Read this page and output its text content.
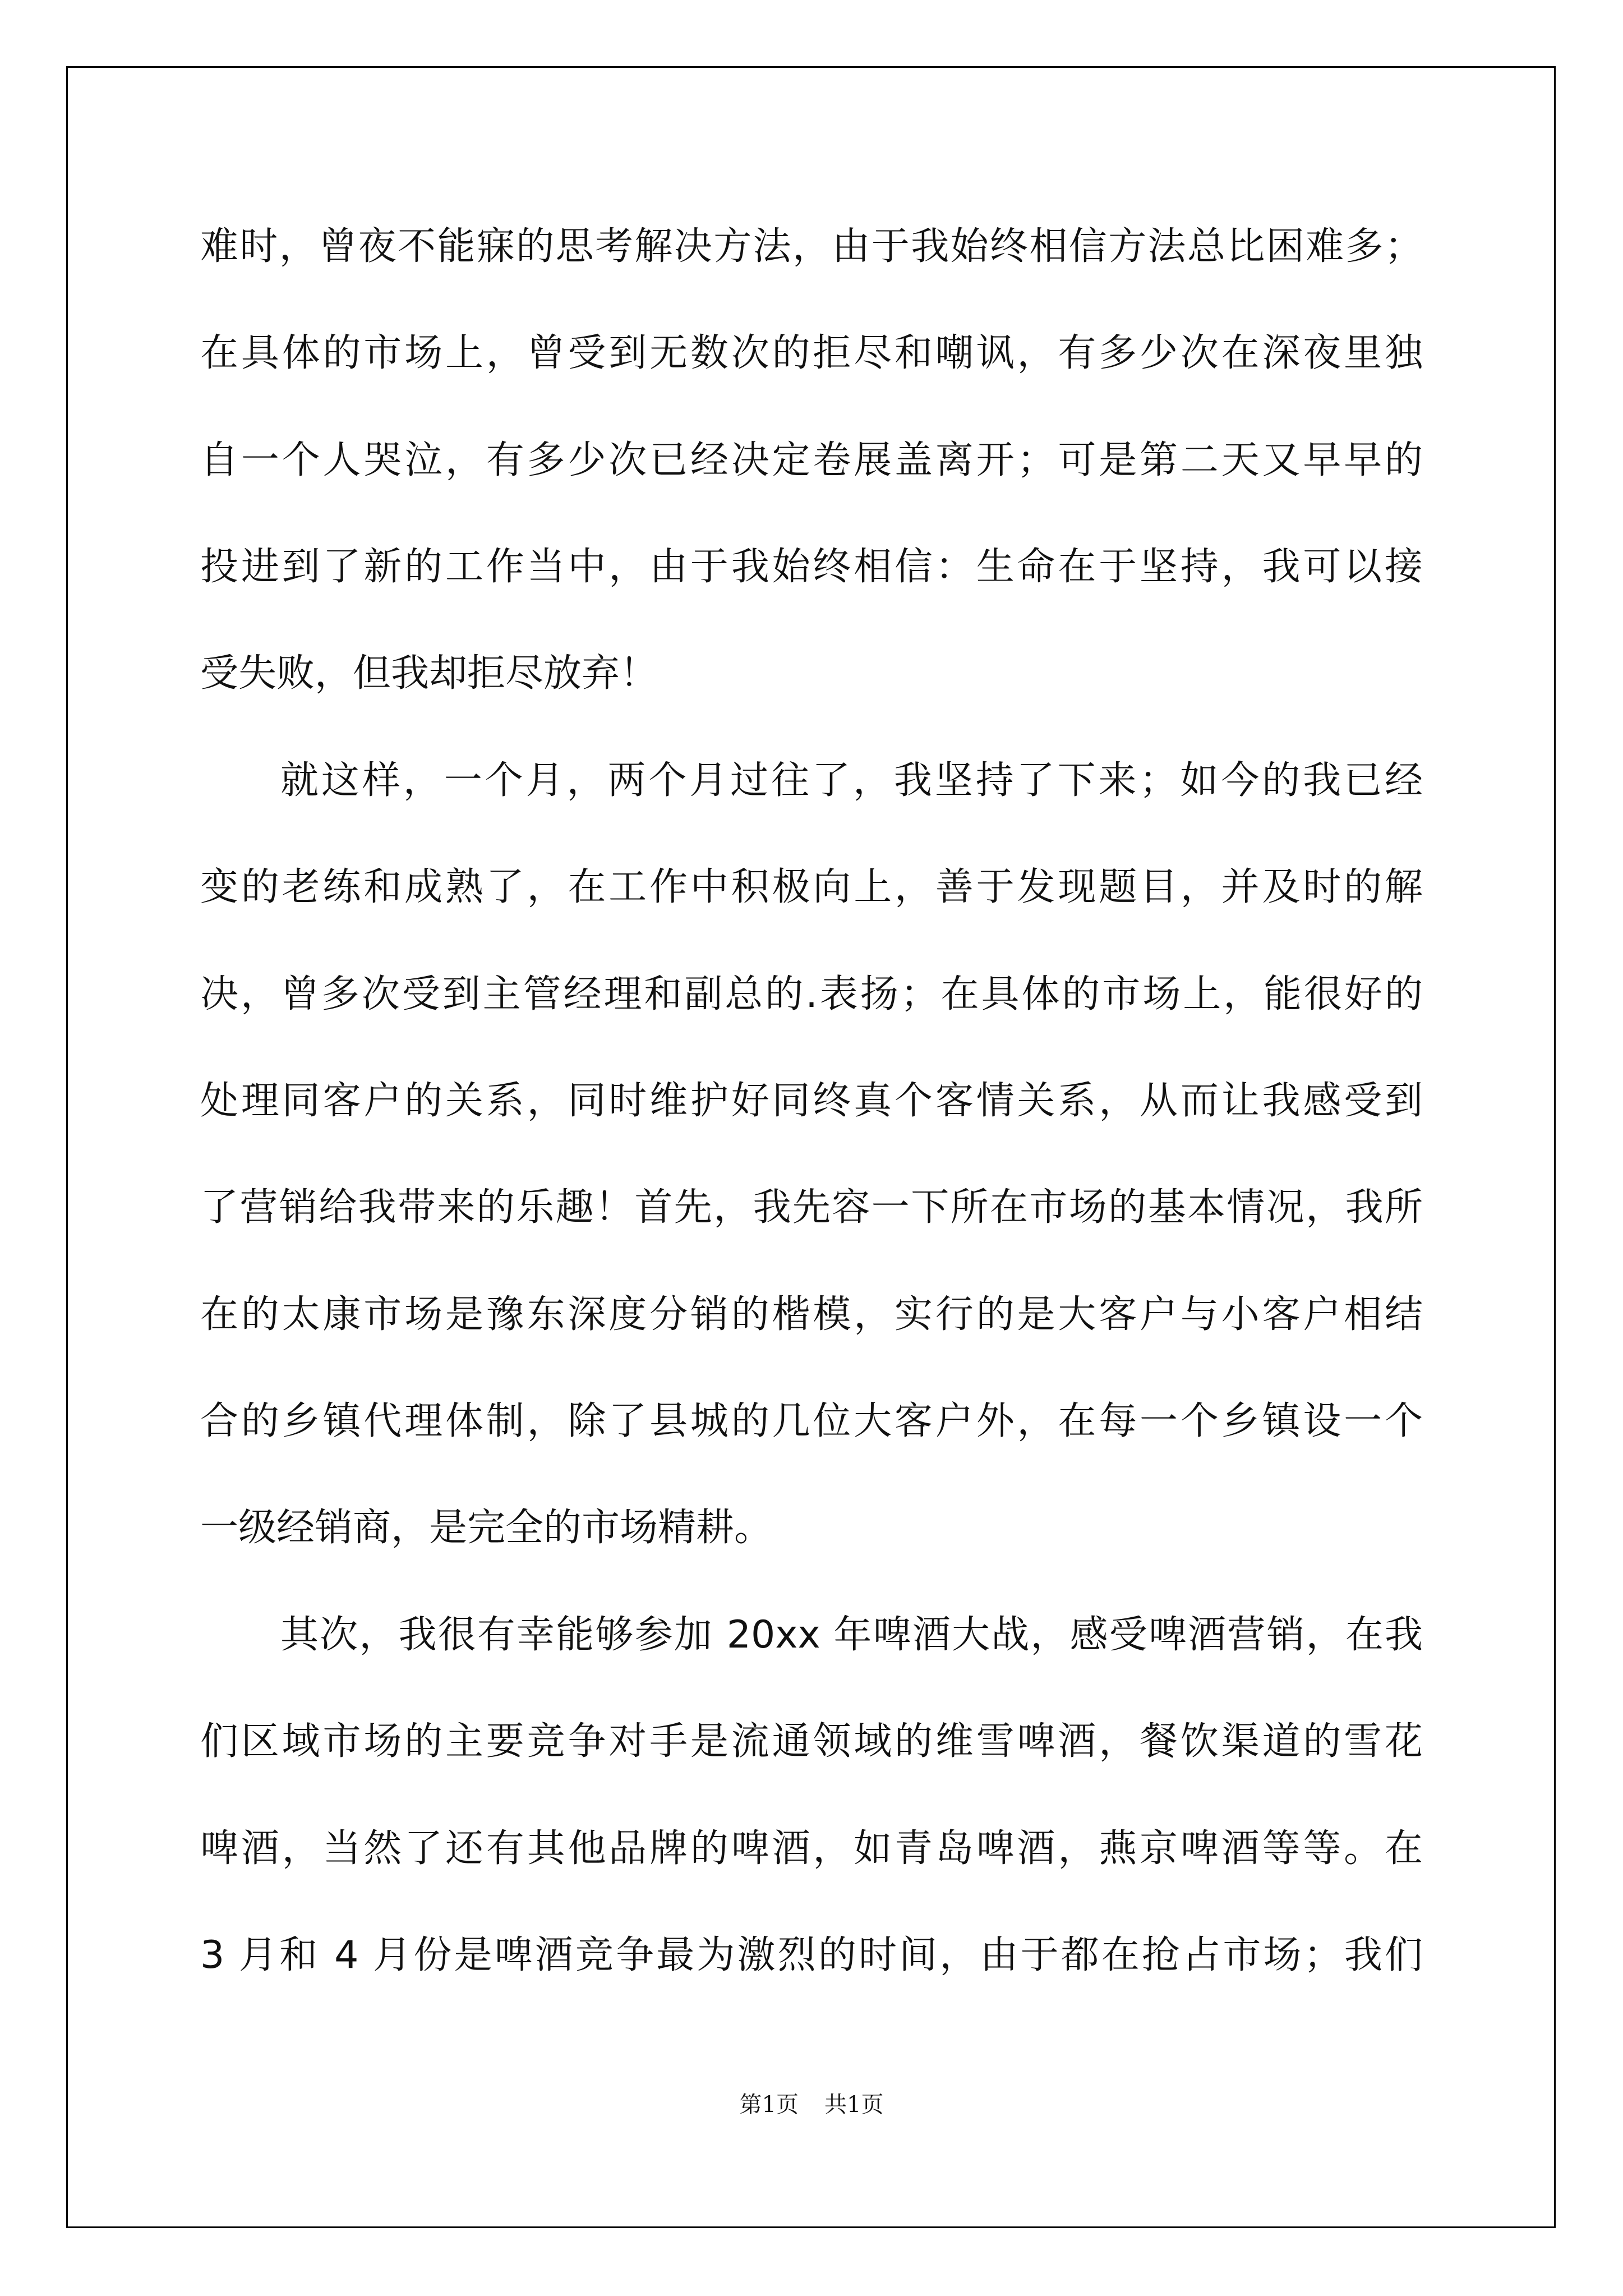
难时，曾夜不能寐的思考解决方法，由于我始终相信方法总比困难多；
在具体的市场上，曾受到无数次的拒尽和嘲讽，有多少次在深夜里独
自一个人哭泣，有多少次已经决定卷展盖离开；可是第二天又早早的
投进到了新的工作当中，由于我始终相信：生命在于坚持，我可以接
受失败，但我却拒尽放弃！
就这样，一个月，两个月过往了，我坚持了下来；如今的我已经
变的老练和成熟了，在工作中积极向上，善于发现题目，并及时的解
决，曾多次受到主管经理和副总的.表扬；在具体的市场上，能很好的
处理同客户的关系，同时维护好同终真个客情关系，从而让我感受到
了营销给我带来的乐趣！首先，我先容一下所在市场的基本情况，我所
在的太康市场是豫东深度分销的楷模，实行的是大客户与小客户相结
合的乡镇代理体制，除了县城的几位大客户外，在每一个乡镇设一个
一级经销商，是完全的市场精耕。
其次，我很有幸能够参加 20xx 年啤酒大战，感受啤酒营销，在我
们区域市场的主要竞争对手是流通领域的维雪啤酒，餐饮渠道的雪花
啤酒，当然了还有其他品牌的啤酒，如青岛啤酒，燕京啤酒等等。在
3 月和 4 月份是啤酒竞争最为激烈的时间，由于都在抢占市场；我们
第1页 共1页
